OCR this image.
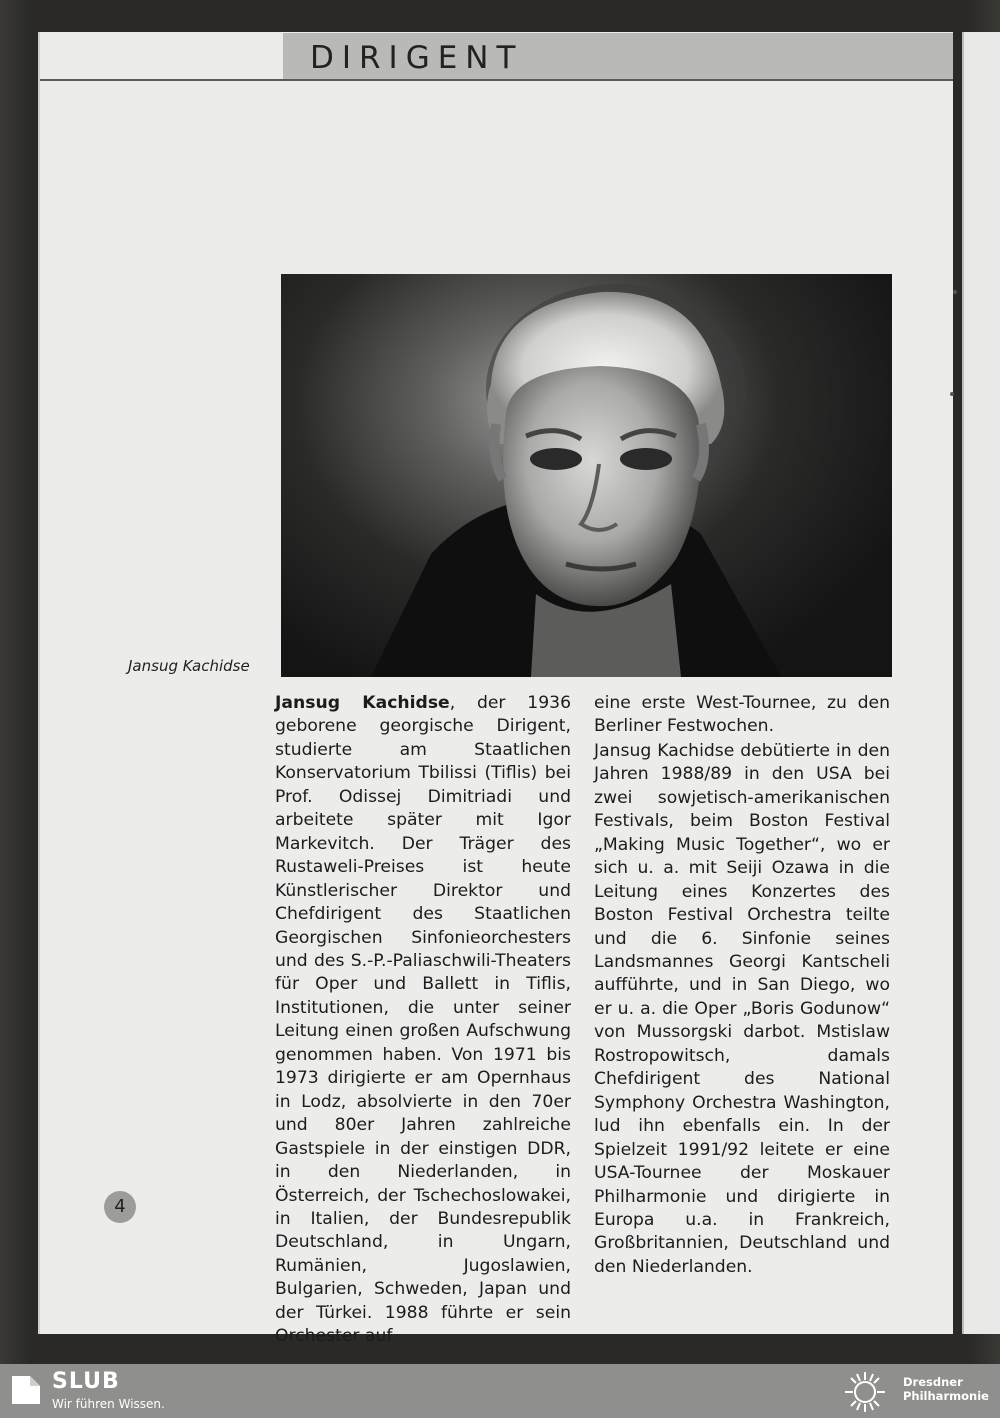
DIRIGENT
Jansug Kachidse

Jansug Kachidse, der 1936 geborene georgische Dirigent, studierte am Staatlichen Konservatorium Tbilissi (Tiflis) bei Prof. Odissej Dimitriadi und arbeitete später mit Igor Markevitch. Der Träger des Rustaweli-Preises ist heute Künstlerischer Direktor und Chefdirigent des Staatlichen Georgischen Sinfonieorchesters und des S.-P.-Paliaschwili-Theaters für Oper und Ballett in Tiflis, Institutionen, die unter seiner Leitung einen großen Aufschwung genommen haben. Von 1971 bis 1973 dirigierte er am Opernhaus in Lodz, absolvierte in den 70er und 80er Jahren zahlreiche Gastspiele in der einstigen DDR, in den Niederlanden, in Österreich, der Tschechoslowakei, in Italien, der Bundesrepublik Deutschland, in Ungarn, Rumänien, Jugoslawien, Bulgarien, Schweden, Japan und der Türkei. 1988 führte er sein Orchester auf

eine erste West-Tournee, zu den Berliner Festwochen.

Jansug Kachidse debütierte in den Jahren 1988/89 in den USA bei zwei sowjetisch-amerikanischen Festivals, beim Boston Festival „Making Music Together“, wo er sich u. a. mit Seiji Ozawa in die Leitung eines Konzertes des Boston Festival Orchestra teilte und die 6. Sinfonie seines Landsmannes Georgi Kantscheli aufführte, und in San Diego, wo er u. a. die Oper „Boris Godunow“ von Mussorgski darbot. Mstislaw Rostropowitsch, damals Chefdirigent des National Symphony Orchestra Washington, lud ihn ebenfalls ein. In der Spielzeit 1991/92 leitete er eine USA-Tournee der Moskauer Philharmonie und dirigierte in Europa u.a. in Frankreich, Großbritannien, Deutschland und den Niederlanden.

4
SLUB
Wir führen Wissen.
Dresdner
Philharmonie
